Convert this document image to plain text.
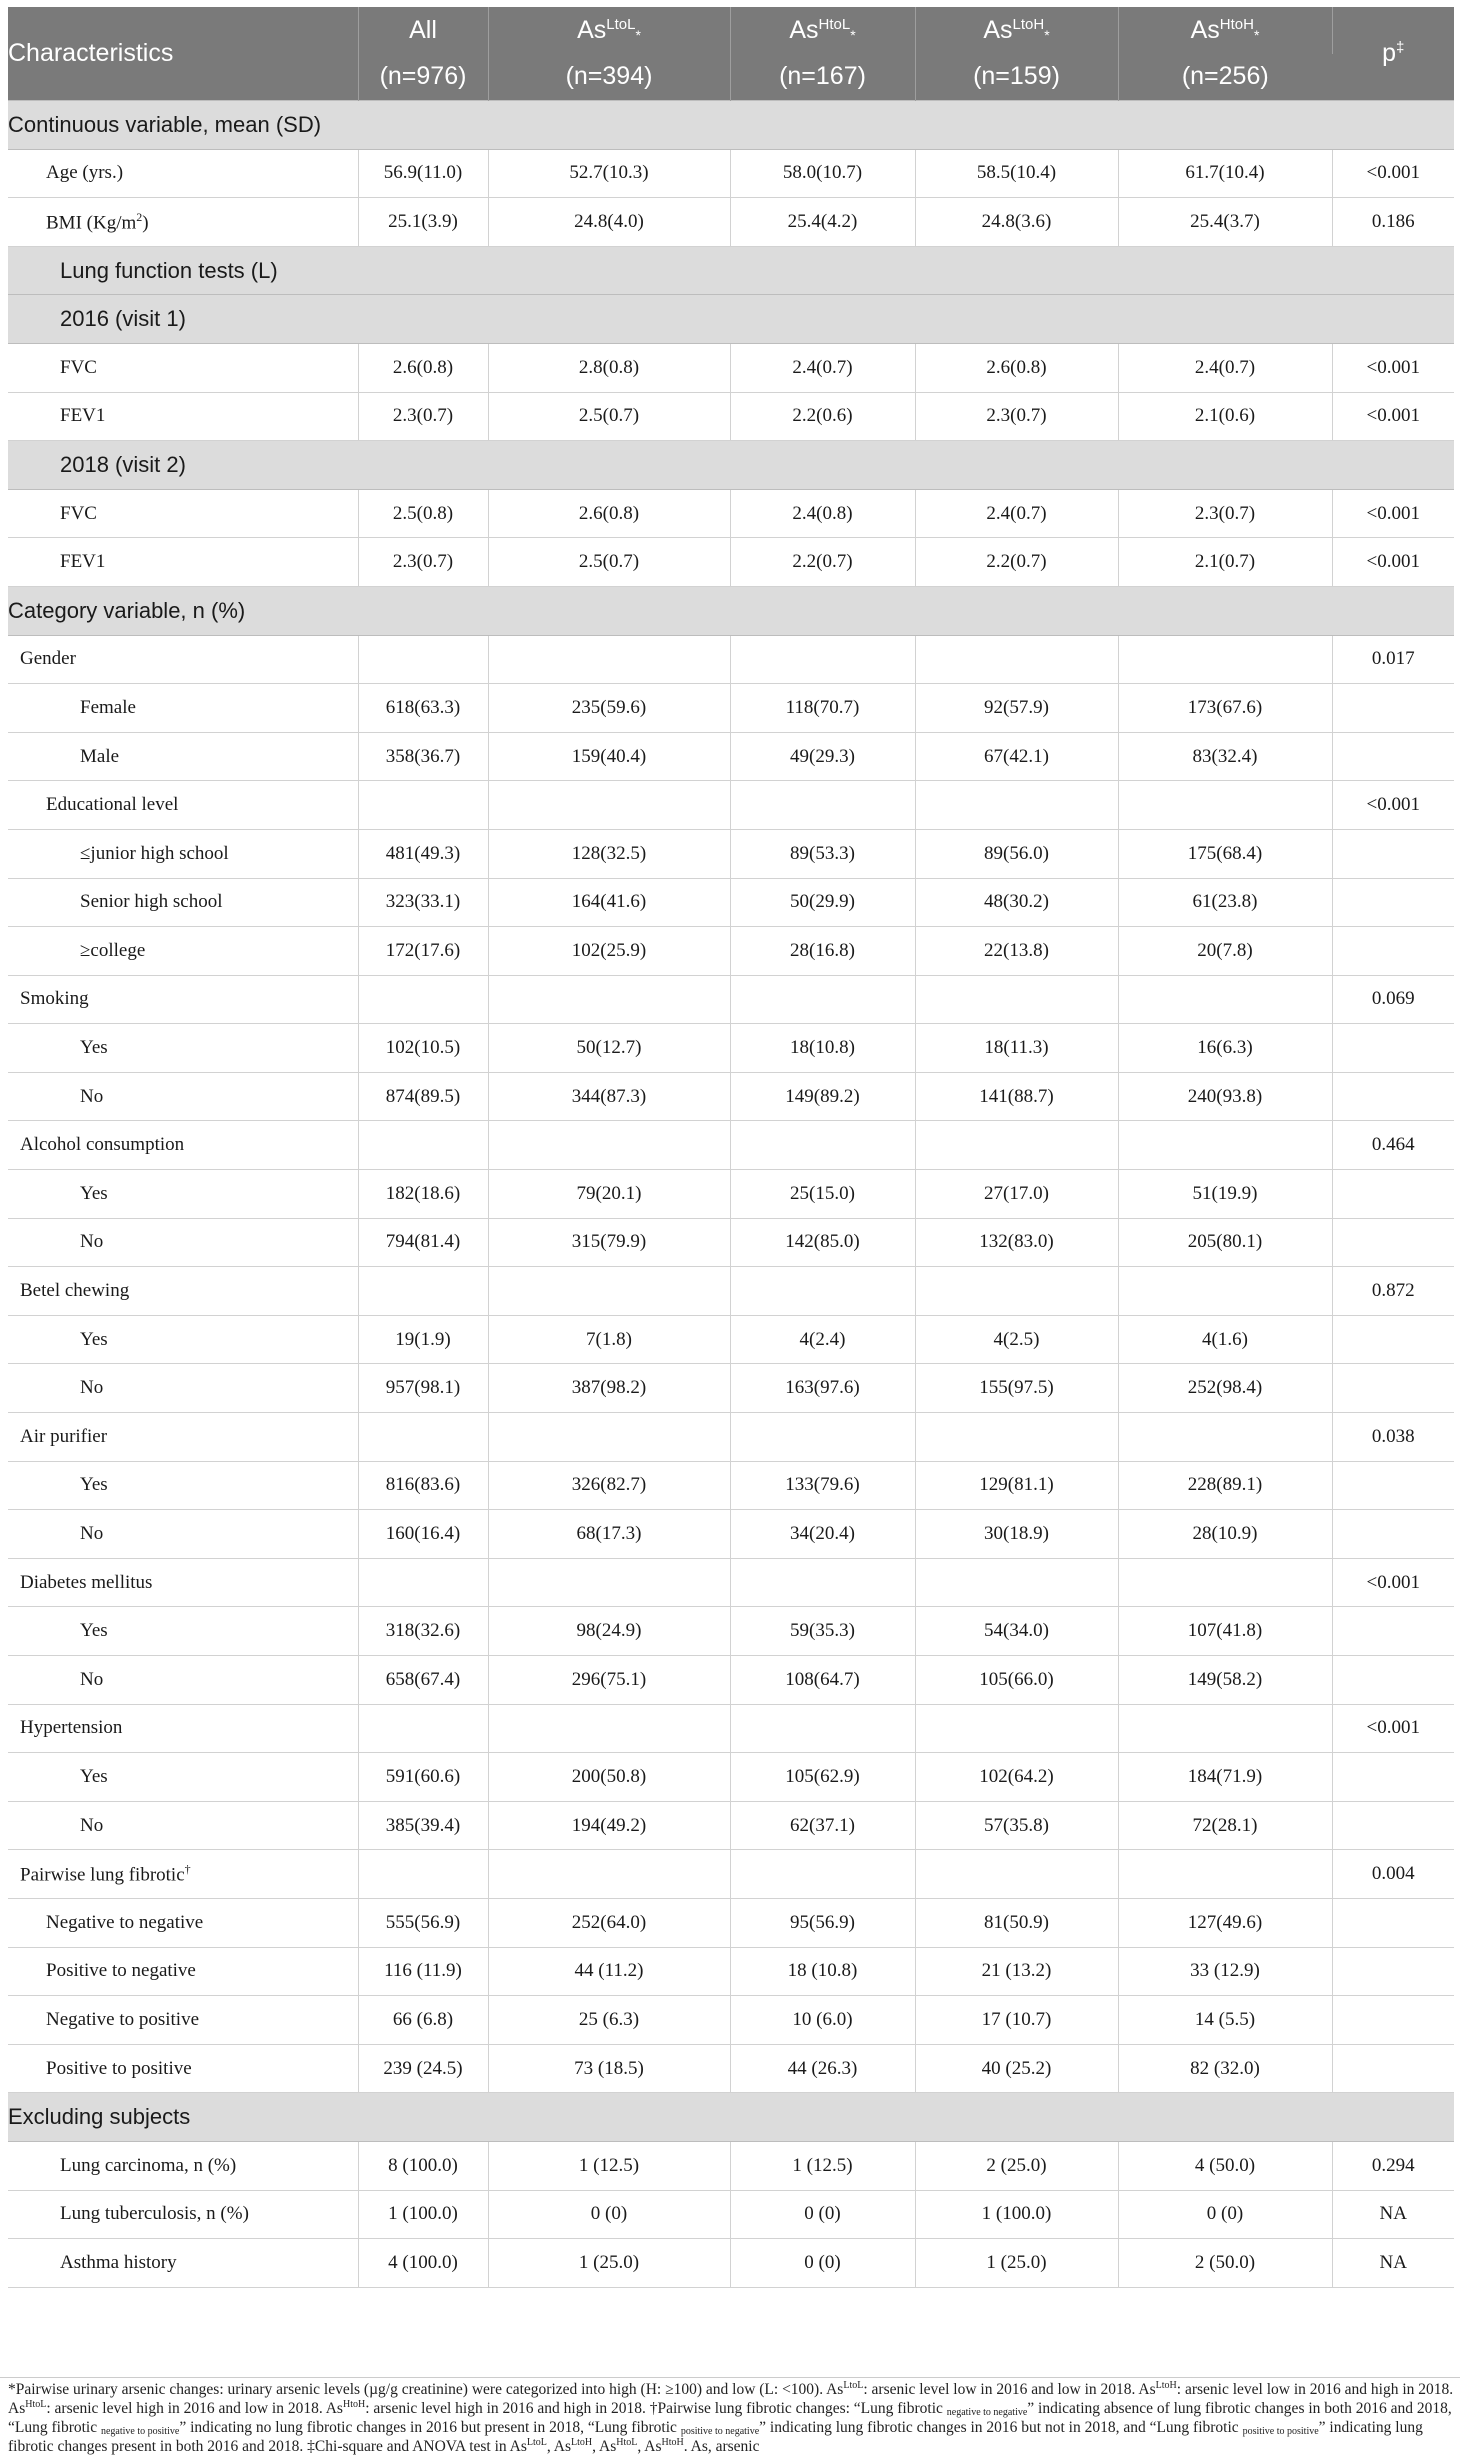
Characteristics	All	$As^{LtoL}_*$	$As^{HtoL}_*$	$As^{LtoH}_*$	$As^{HtoH}_*$	p‡
	(n=976)	(n=394)	(n=167)	(n=159)	(n=256)	
Continuous variable, mean (SD)						
Age (yrs.)	56.9(11.0)	52.7(10.3)	58.0(10.7)	58.5(10.4)	61.7(10.4)	<0.001
BMI $(Kg/m^2)$	25.1(3.9)	24.8(4.0)	25.4(4.2)	24.8(3.6)	25.4(3.7)	0.186
Lung function tests (L)						
2016 (visit 1)						
FVC	2.6(0.8)	2.8(0.8)	2.4(0.7)	2.6(0.8)	2.4(0.7)	<0.001
FEV1	2.3(0.7)	2.5(0.7)	2.2(0.6)	2.3(0.7)	2.1(0.6)	<0.001
2018 (visit 2)						
FVC	2.5(0.8)	2.6(0.8)	2.4(0.8)	2.4(0.7)	2.3(0.7)	<0.001
FEV1	2.3(0.7)	2.5(0.7)	2.2(0.7)	2.2(0.7)	2.1(0.7)	<0.001
Category variable, n (%)						
Gender						0.017
Female	618(63.3)	235(59.6)	118(70.7)	92(57.9)	173(67.6)	
Male	358(36.7)	159(40.4)	49(29.3)	67(42.1)	83(32.4)	
Educational level						<0.001
≤junior high school	481(49.3)	128(32.5)	89(53.3)	89(56.0)	175(68.4)	
Senior high school	323(33.1)	164(41.6)	50(29.9)	48(30.2)	61(23.8)	
≥college	172(17.6)	102(25.9)	28(16.8)	22(13.8)	20(7.8)	
Smoking						0.069
Yes	102(10.5)	50(12.7)	18(10.8)	18(11.3)	16(6.3)	
No	874(89.5)	344(87.3)	149(89.2)	141(88.7)	240(93.8)	
Alcohol consumption						0.464
Yes	182(18.6)	79(20.1)	25(15.0)	27(17.0)	51(19.9)	
No	794(81.4)	315(79.9)	142(85.0)	132(83.0)	205(80.1)	
Betel chewing						0.872
Yes	19(1.9)	7(1.8)	4(2.4)	4(2.5)	4(1.6)	
No	957(98.1)	387(98.2)	163(97.6)	155(97.5)	252(98.4)	
Air purifier						0.038
Yes	816(83.6)	326(82.7)	133(79.6)	129(81.1)	228(89.1)	
No	160(16.4)	68(17.3)	34(20.4)	30(18.9)	28(10.9)	
Diabetes mellitus						<0.001
Yes	318(32.6)	98(24.9)	59(35.3)	54(34.0)	107(41.8)	
No	658(67.4)	296(75.1)	108(64.7)	105(66.0)	149(58.2)	
Hypertension						<0.001
Yes	591(60.6)	200(50.8)	105(62.9)	102(64.2)	184(71.9)	
No	385(39.4)	194(49.2)	62(37.1)	57(35.8)	72(28.1)	
Pairwise lung fibrotic†						0.004
Negative to negative	555(56.9)	252(64.0)	95(56.9)	81(50.9)	127(49.6)	
Positive to negative	116 (11.9)	44 (11.2)	18 (10.8)	21 (13.2)	33 (12.9)	
Negative to positive	66 (6.8)	25 (6.3)	10 (6.0)	17 (10.7)	14 (5.5)	
Positive to positive	239 (24.5)	73 (18.5)	44 (26.3)	40 (25.2)	82 (32.0)	
Excluding subjects						
Lung carcinoma, n (%)	8 (100.0)	1 (12.5)	1 (12.5)	2 (25.0)	4 (50.0)	0.294
Lung tuberculosis, n (%)	1 (100.0)	0 (0)	0 (0)	1 (100.0)	0 (0)	NA
Asthma history	4 (100.0)	1 (25.0)	0 (0)	1 (25.0)	2 (50.0)	NA
*Pairwise urinary arsenic changes: urinary arsenic levels (µg/g creatinine) were categorized into high (H: ≥100) and low (L: <100). $As^{LtoL}$: arsenic level low in 2016 and low in 2018. $As^{LtoH}$: arsenic level low in 2016 and high in 2018. $As^{HtoL}$: arsenic level high in 2016 and low in 2018. $As^{HtoH}$: arsenic level high in 2016 and high in 2018. †Pairwise lung fibrotic changes: “Lung fibrotic $_{negative to negative}$” indicating absence of lung fibrotic changes in both 2016 and 2018, “Lung fibrotic $_{negative to positive}$” indicating no lung fibrotic changes in 2016 but present in 2018, “Lung fibrotic $_{positive to negative}$” indicating lung fibrotic changes in 2016 but not in 2018, and “Lung fibrotic $_{positive to positive}$” indicating lung fibrotic changes present in both 2016 and 2018. ‡Chi-square and ANOVA test in $As^{LtoL}$, $As^{LtoH}$, $As^{HtoL}$, $As^{HtoH}$. As, arsenic
